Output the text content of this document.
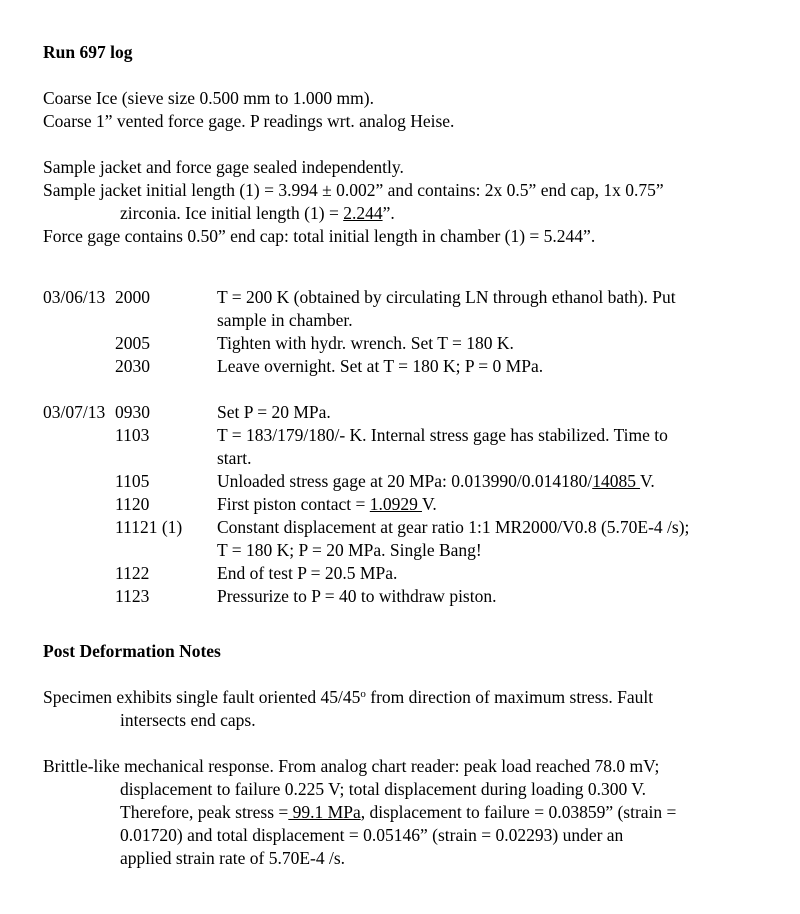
Run 697 log
Coarse Ice (sieve size 0.500 mm to 1.000 mm).
Coarse 1” vented force gage. P readings wrt. analog Heise.
Sample jacket and force gage sealed independently.
Sample jacket initial length (1) = 3.994 ± 0.002” and contains: 2x 0.5” end cap, 1x 0.75”
zirconia. Ice initial length (1) = 2.244”.
Force gage contains 0.50” end cap: total initial length in chamber (1) = 5.244”.
03/06/13 2000	T = 200 K (obtained by circulating LN through ethanol bath). Put
sample in chamber.
2005	Tighten with hydr. wrench. Set T = 180 K.
2030	Leave overnight. Set at T = 180 K; P = 0 MPa.
03/07/13 0930	Set P = 20 MPa.
1103	T = 183/179/180/- K. Internal stress gage has stabilized. Time to
start.
1105	Unloaded stress gage at 20 MPa: 0.013990/0.014180/14085 V.
1120	First piston contact = 1.0929 V.
11121 (1)	Constant displacement at gear ratio 1:1 MR2000/V0.8 (5.70E-4 /s);
T = 180 K; P = 20 MPa. Single Bang!
1122	End of test P = 20.5 MPa.
1123	Pressurize to P = 40 to withdraw piston.
Post Deformation Notes
Specimen exhibits single fault oriented 45/45$^o$ from direction of maximum stress. Fault
intersects end caps.
Brittle-like mechanical response. From analog chart reader: peak load reached 78.0 mV;
displacement to failure 0.225 V; total displacement during loading 0.300 V.
Therefore, peak stress = 99.1 MPa, displacement to failure = 0.03859” (strain =
0.01720) and total displacement = 0.05146” (strain = 0.02293) under an
applied strain rate of 5.70E-4 /s.
